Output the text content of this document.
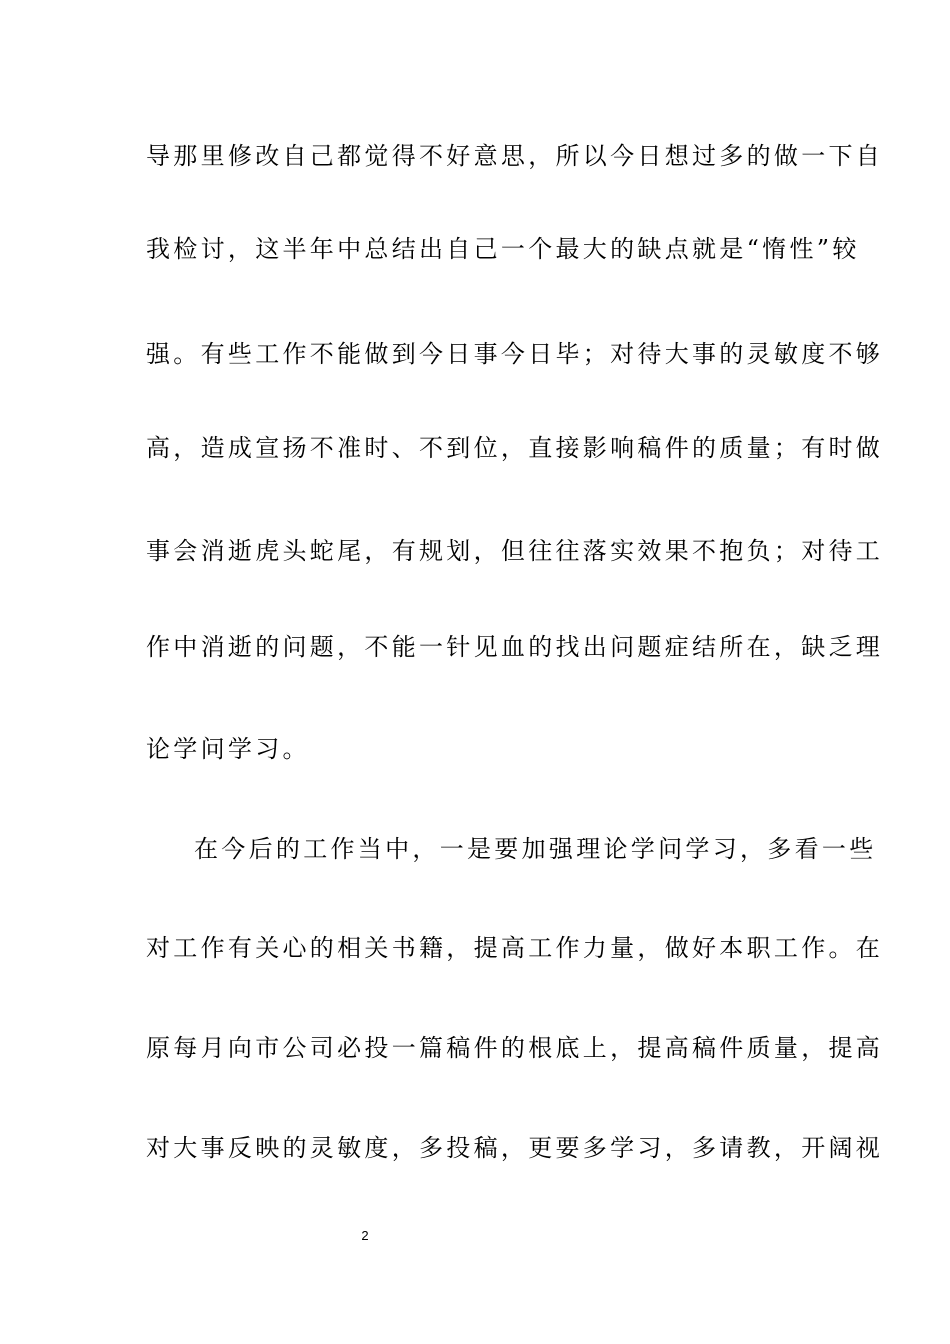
导那里修改自己都觉得不好意思，所以今日想过多的做一下自
我检讨，这半年中总结出自己一个最大的缺点就是“惰性”较
强。有些工作不能做到今日事今日毕；对待大事的灵敏度不够
高，造成宣扬不准时、不到位，直接影响稿件的质量；有时做
事会消逝虎头蛇尾，有规划，但往往落实效果不抱负；对待工
作中消逝的问题，不能一针见血的找出问题症结所在，缺乏理
论学问学习。
在今后的工作当中，一是要加强理论学问学习，多看一些
对工作有关心的相关书籍，提高工作力量，做好本职工作。在
原每月向市公司必投一篇稿件的根底上，提高稿件质量，提高
对大事反映的灵敏度，多投稿，更要多学习，多请教，开阔视
2
